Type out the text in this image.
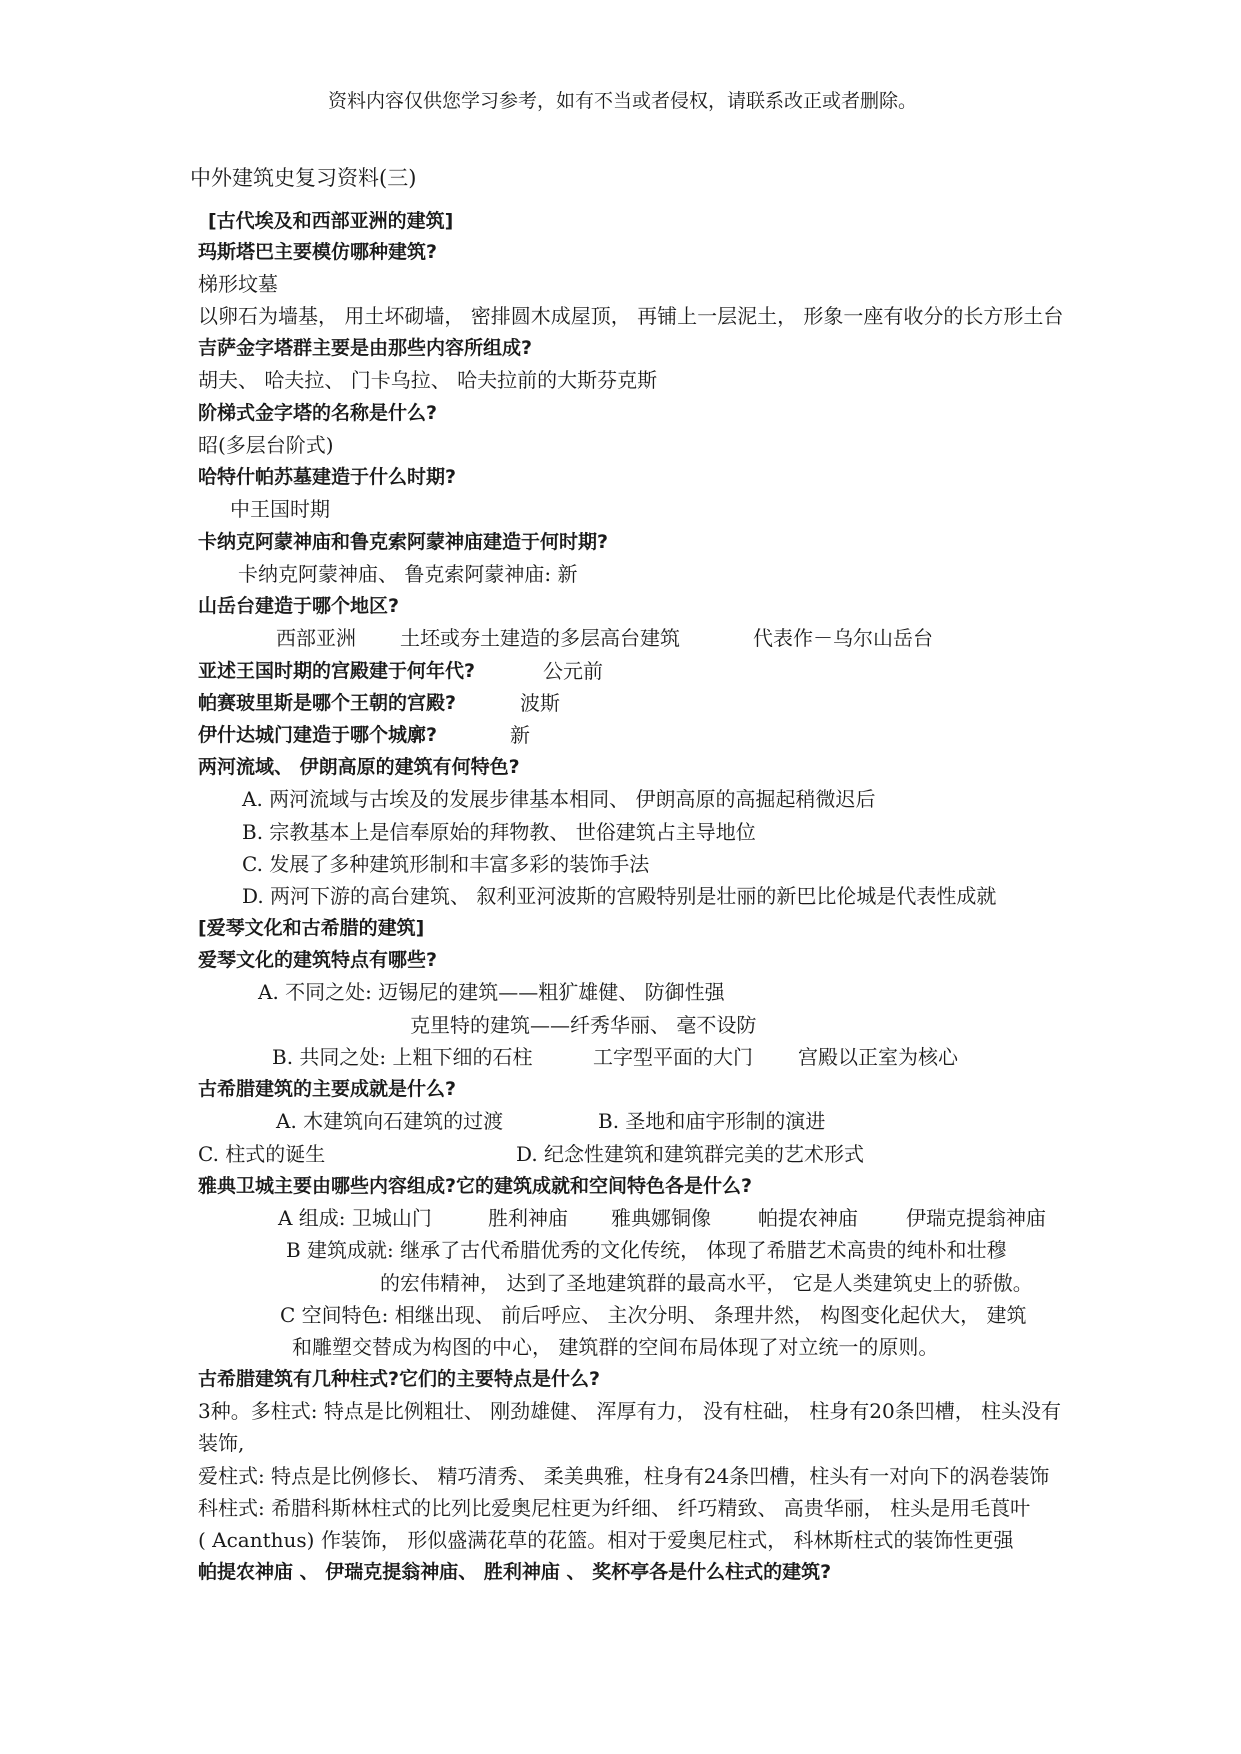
资料内容仅供您学习参考，如有不当或者侵权，请联系改正或者删除。
中外建筑史复习资料(三)
[古代埃及和西部亚洲的建筑]
玛斯塔巴主要模仿哪种建筑?
梯形坟墓
以卵石为墙基， 用土坏砌墙， 密排圆木成屋顶， 再铺上一层泥土， 形象一座有收分的长方形土台
吉萨金字塔群主要是由那些内容所组成?
胡夫、 哈夫拉、 门卡乌拉、 哈夫拉前的大斯芬克斯
阶梯式金字塔的名称是什么?
昭(多层台阶式)
哈特什帕苏墓建造于什么时期?
中王国时期
卡纳克阿蒙神庙和鲁克索阿蒙神庙建造于何时期?
卡纳克阿蒙神庙、 鲁克索阿蒙神庙: 新
山岳台建造于哪个地区?
西部亚洲 土坯或夯土建造的多层高台建筑	代表作－乌尔山岳台
亚述王国时期的宫殿建于何年代?	公元前
帕赛玻里斯是哪个王朝的宫殿?	波斯
伊什达城门建造于哪个城廓?	新
两河流域、 伊朗高原的建筑有何特色?
A. 两河流域与古埃及的发展步律基本相同、 伊朗高原的高掘起稍微迟后
B. 宗教基本上是信奉原始的拜物教、 世俗建筑占主导地位
C. 发展了多种建筑形制和丰富多彩的装饰手法
D. 两河下游的高台建筑、 叙利亚河波斯的宫殿特别是壮丽的新巴比伦城是代表性成就
[爱琴文化和古希腊的建筑]
爱琴文化的建筑特点有哪些?
A. 不同之处: 迈锡尼的建筑——粗犷雄健、 防御性强
克里特的建筑——纤秀华丽、 毫不设防
B. 共同之处: 上粗下细的石柱	工字型平面的大门 宫殿以正室为核心
古希腊建筑的主要成就是什么?
A. 木建筑向石建筑的过渡	B. 圣地和庙宇形制的演进
C. 柱式的诞生	D. 纪念性建筑和建筑群完美的艺术形式
雅典卫城主要由哪些内容组成?它的建筑成就和空间特色各是什么?
A 组成: 卫城山门	胜利神庙 雅典娜铜像 帕提农神庙 伊瑞克提翁神庙
B 建筑成就: 继承了古代希腊优秀的文化传统， 体现了希腊艺术高贵的纯朴和壮穆
的宏伟精神， 达到了圣地建筑群的最高水平， 它是人类建筑史上的骄傲。
C 空间特色: 相继出现、 前后呼应、 主次分明、 条理井然， 构图变化起伏大， 建筑
和雕塑交替成为构图的中心， 建筑群的空间布局体现了对立统一的原则。
古希腊建筑有几种柱式?它们的主要特点是什么?
3种。多柱式: 特点是比例粗壮、 刚劲雄健、 浑厚有力， 没有柱础， 柱身有20条凹槽， 柱头没有
装饰,
爱柱式: 特点是比例修长、 精巧清秀、 柔美典雅，柱身有24条凹槽，柱头有一对向下的涡卷装饰
科柱式: 希腊科斯林柱式的比列比爱奥尼柱更为纤细、 纤巧精致、 高贵华丽， 柱头是用毛莨叶
( Acanthus) 作装饰， 形似盛满花草的花篮。相对于爱奥尼柱式， 科林斯柱式的装饰性更强
帕提农神庙 、 伊瑞克提翁神庙、 胜利神庙 、 奖杯亭各是什么柱式的建筑?
